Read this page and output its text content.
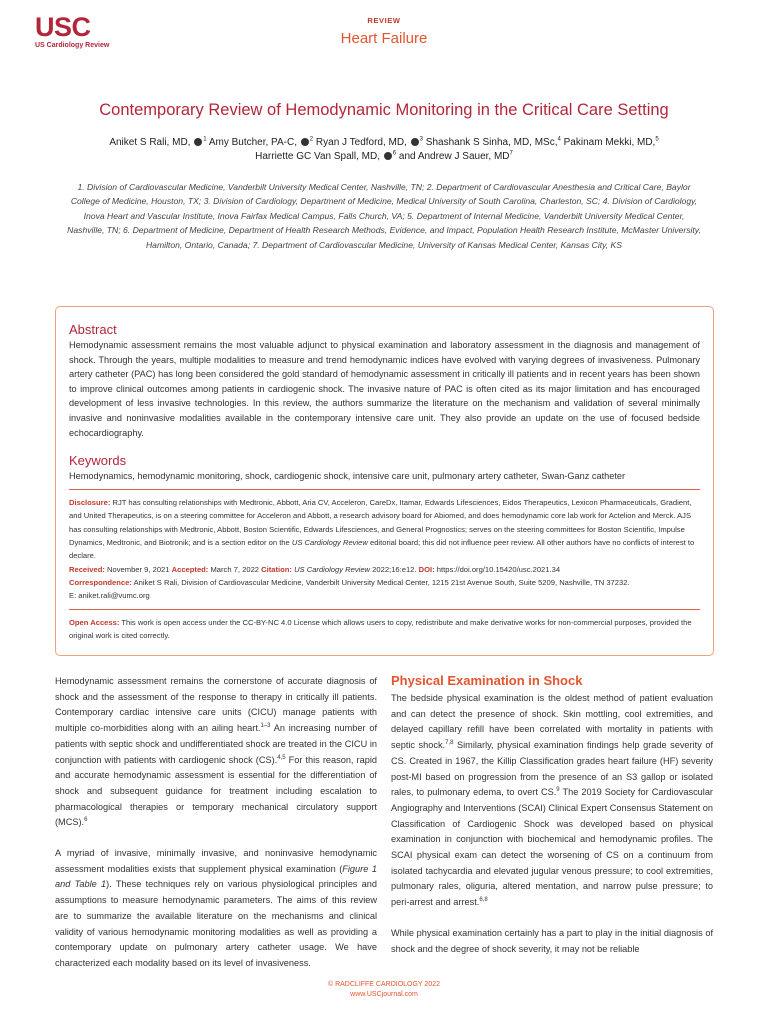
USC
US Cardiology Review
REVIEW
Heart Failure
Contemporary Review of Hemodynamic Monitoring in the Critical Care Setting
Aniket S Rali, MD, $^1$ Amy Butcher, PA-C, $^2$ Ryan J Tedford, MD, $^3$ Shashank S Sinha, MD, MSc,$^4$ Pakinam Mekki, MD,$^5$
Harriette GC Van Spall, MD, $^6$ and Andrew J Sauer, $MD^7$
1. Division of Cardiovascular Medicine, Vanderbilt University Medical Center, Nashville, TN; 2. Department of Cardiovascular Anesthesia and Critical Care, Baylor College of Medicine, Houston, TX; 3. Division of Cardiology, Department of Medicine, Medical University of South Carolina, Charleston, SC; 4. Division of Cardiology, Inova Heart and Vascular Institute, Inova Fairfax Medical Campus, Falls Church, VA; 5. Department of Internal Medicine, Vanderbilt University Medical Center, Nashville, TN; 6. Department of Medicine, Department of Health Research Methods, Evidence, and Impact, Population Health Research Institute, McMaster University, Hamilton, Ontario, Canada; 7. Department of Cardiovascular Medicine, University of Kansas Medical Center, Kansas City, KS
Abstract
Hemodynamic assessment remains the most valuable adjunct to physical examination and laboratory assessment in the diagnosis and management of shock. Through the years, multiple modalities to measure and trend hemodynamic indices have evolved with varying degrees of invasiveness. Pulmonary artery catheter (PAC) has long been considered the gold standard of hemodynamic assessment in critically ill patients and in recent years has been shown to improve clinical outcomes among patients in cardiogenic shock. The invasive nature of PAC is often cited as its major limitation and has encouraged development of less invasive technologies. In this review, the authors summarize the literature on the mechanism and validation of several minimally invasive and noninvasive modalities available in the contemporary intensive care unit. They also provide an update on the use of focused bedside echocardiography.
Keywords
Hemodynamics, hemodynamic monitoring, shock, cardiogenic shock, intensive care unit, pulmonary artery catheter, Swan-Ganz catheter
Disclosure: RJT has consulting relationships with Medtronic, Abbott, Aria CV, Acceleron, CareDx, Itamar, Edwards Lifesciences, Eidos Therapeutics, Lexicon Pharmaceuticals, Gradient, and United Therapeutics, is on a steering committee for Acceleron and Abbott, a research advisory board for Abiomed, and does hemodynamic core lab work for Actelion and Merck. AJS has consulting relationships with Medtronic, Abbott, Boston Scientific, Edwards Lifesciences, and General Prognostics; serves on the steering committees for Boston Scientific, Impulse Dynamics, Medtronic, and Biotronik; and is a section editor on the US Cardiology Review editorial board; this did not influence peer review. All other authors have no conflicts of interest to declare.
Received: November 9, 2021 Accepted: March 7, 2022 Citation: US Cardiology Review 2022;16:e12. DOI: https://doi.org/10.15420/usc.2021.34
Correspondence: Aniket S Rali, Division of Cardiovascular Medicine, Vanderbilt University Medical Center, 1215 21st Avenue South, Suite 5209, Nashville, TN 37232.
E: aniket.rali@vumc.org
Open Access: This work is open access under the CC-BY-NC 4.0 License which allows users to copy, redistribute and make derivative works for non-commercial purposes, provided the original work is cited correctly.

Hemodynamic assessment remains the cornerstone of accurate diagnosis of shock and the assessment of the response to therapy in critically ill patients. Contemporary cardiac intensive care units (CICU) manage patients with multiple co-morbidities along with an ailing heart.$^{1-3}$ An increasing number of patients with septic shock and undifferentiated shock are treated in the CICU in conjunction with patients with cardiogenic shock (CS).$^{4,5}$ For this reason, rapid and accurate hemodynamic assessment is essential for the differentiation of shock and subsequent guidance for treatment including escalation to pharmacological therapies or temporary mechanical circulatory support (MCS).$^6$

A myriad of invasive, minimally invasive, and noninvasive hemodynamic assessment modalities exists that supplement physical examination (Figure 1 and Table 1). These techniques rely on various physiological principles and assumptions to measure hemodynamic parameters. The aims of this review are to summarize the available literature on the mechanisms and clinical validity of various hemodynamic monitoring modalities as well as providing a contemporary update on pulmonary artery catheter usage. We have characterized each modality based on its level of invasiveness.

Physical Examination in Shock

The bedside physical examination is the oldest method of patient evaluation and can detect the presence of shock. Skin mottling, cool extremities, and delayed capillary refill have been correlated with mortality in patients with septic shock.$^{7,8}$ Similarly, physical examination findings help grade severity of CS. Created in 1967, the Killip Classification grades heart failure (HF) severity post-MI based on progression from the presence of an S3 gallop or isolated rales, to pulmonary edema, to overt CS.$^9$ The 2019 Society for Cardiovascular Angiography and Interventions (SCAI) Clinical Expert Consensus Statement on Classification of Cardiogenic Shock was developed based on physical examination in conjunction with biochemical and hemodynamic profiles. The SCAI physical exam can detect the worsening of CS on a continuum from isolated tachycardia and elevated jugular venous pressure; to cool extremities, pulmonary rales, oliguria, altered mentation, and narrow pulse pressure; to peri-arrest and arrest.$^{6,8}$

While physical examination certainly has a part to play in the initial diagnosis of shock and the degree of shock severity, it may not be reliable

© RADCLIFFE CARDIOLOGY 2022
www.USCjournal.com
